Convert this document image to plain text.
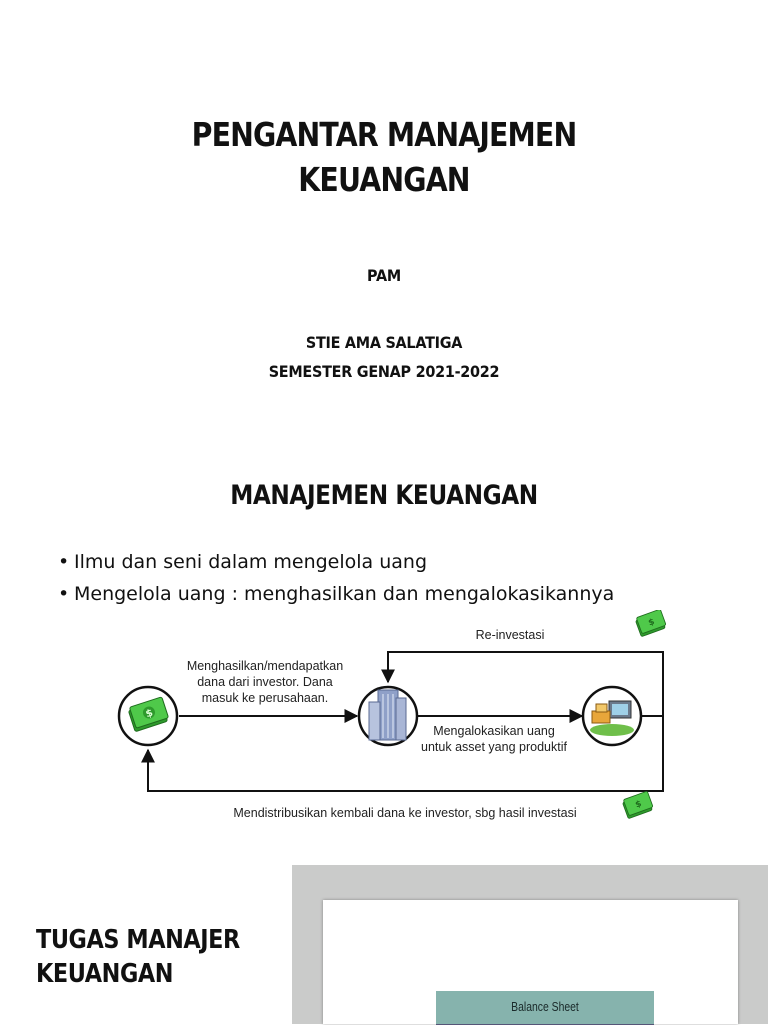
PENGANTAR MANAJEMEN
KEUANGAN
PAM
STIE AMA SALATIGA
SEMESTER GENAP 2021-2022
MANAJEMEN KEUANGAN
• Ilmu dan seni dalam mengelola uang
• Mengelola uang : menghasilkan dan mengalokasikannya
$
$
$
Re-investasi
Menghasilkan/mendapatkan
dana dari investor. Dana
masuk ke perusahaan.
Mengalokasikan uang
untuk asset yang produktif
Mendistribusikan kembali dana ke investor, sbg hasil investasi
TUGAS MANAJER
KEUANGAN
Balance Sheet
